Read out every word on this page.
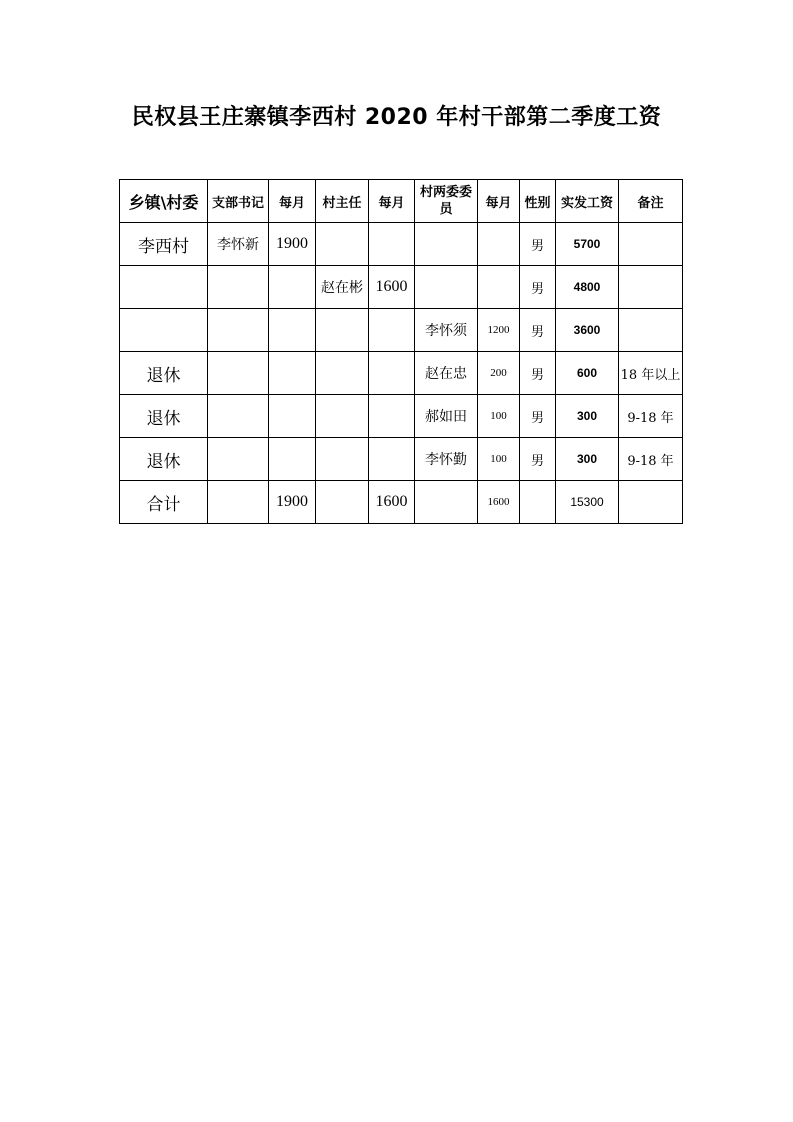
民权县王庄寨镇李西村 2020 年村干部第二季度工资
乡镇\村委	支部书记	每月	村主任	每月	村两委委员	每月	性别	实发工资	备注
李西村	李怀新	1900					男	5700	
			赵在彬	1600			男	4800	
					李怀须	1200	男	3600	
退休					赵在忠	200	男	600	18 年以上
退休					郝如田	100	男	300	9-18 年
退休					李怀勤	100	男	300	9-18 年
合计		1900		1600		1600		15300	
